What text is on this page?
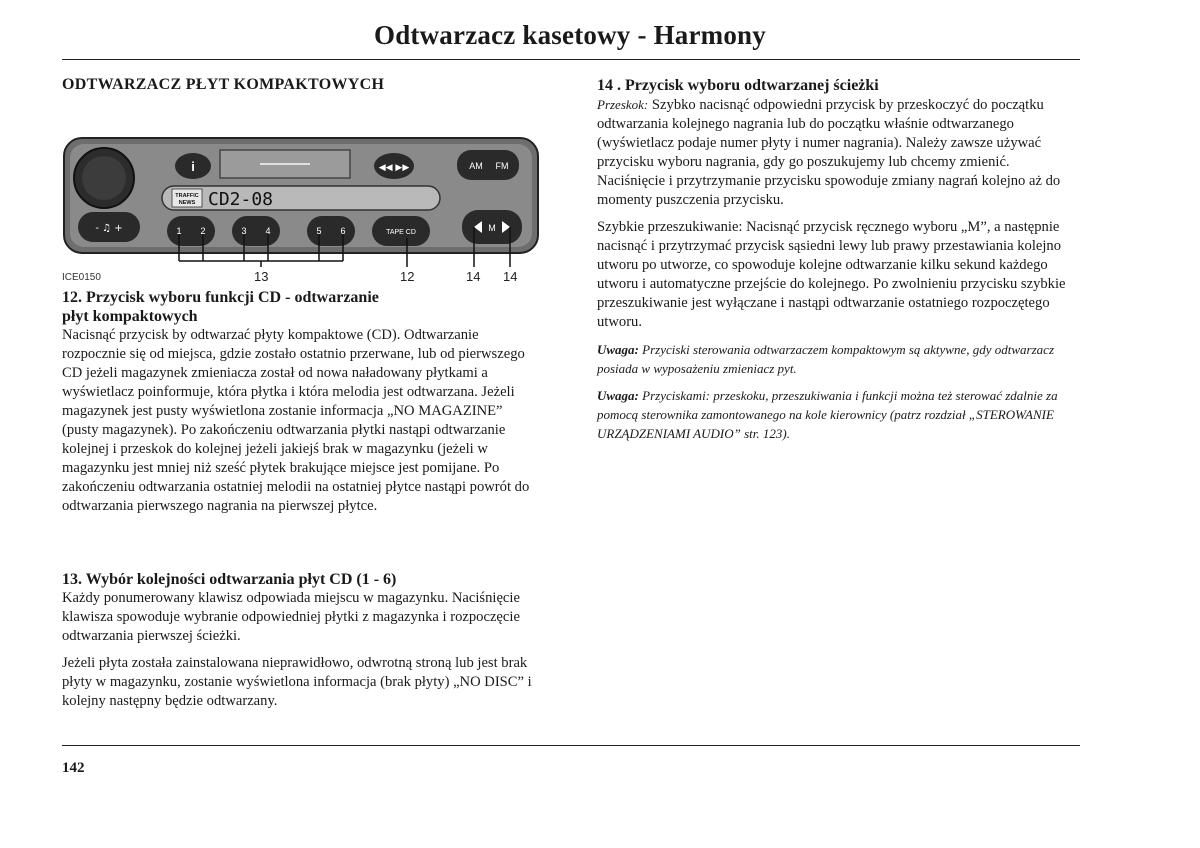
Odtwarzacz kasetowy - Harmony
ODTWARZACZ PŁYT KOMPAKTOWYCH
i	◀◀ ▶▶	AM FM
TRAFFIC
NEWS CD2-08
- ♫ +	1 2	3 4	5 6	TAPE CD	M
13	12	14 14
ICE0150
12. Przycisk wyboru funkcji CD - odtwarzanie
płyt kompaktowych

Nacisnąć przycisk by odtwarzać płyty kompaktowe (CD). Odtwarzanie rozpocznie się od miejsca, gdzie zostało ostatnio przerwane, lub od pierwszego CD jeżeli magazynek zmieniacza został od nowa naładowany płytkami a wyświetlacz poinformuje, która płytka i która melodia jest odtwarzana. Jeżeli magazynek jest pusty wyświetlona zostanie informacja „NO MAGAZINE” (pusty magazynek). Po zakończeniu odtwarzania płytki nastąpi odtwarzanie kolejnej i przeskok do kolejnej jeżeli jakiejś brak w magazynku (jeżeli w magazynku jest mniej niż sześć płytek brakujące miejsce jest pomijane. Po zakończeniu odtwarzania ostatniej melodii na ostatniej płytce nastąpi powrót do odtwarzania pierwszego nagrania na pierwszej płytce.

13. Wybór kolejności odtwarzania płyt CD (1 - 6)

Każdy ponumerowany klawisz odpowiada miejscu w magazynku. Naciśnięcie klawisza spowoduje wybranie odpowiedniej płytki z magazynka i rozpoczęcie odtwarzania pierwszej ścieżki.

Jeżeli płyta została zainstalowana nieprawidłowo, odwrotną stroną lub jest brak płyty w magazynku, zostanie wyświetlona informacja (brak płyty) „NO DISC” i kolejny następny będzie odtwarzany.

14 . Przycisk wyboru odtwarzanej ścieżki

Przeskok: Szybko nacisnąć odpowiedni przycisk by przeskoczyć do początku odtwarzania kolejnego nagrania lub do początku właśnie odtwarzanego (wyświetlacz podaje numer płyty i numer nagrania). Należy zawsze używać przycisku wyboru nagrania, gdy go poszukujemy lub chcemy zmienić. Naciśnięcie i przytrzymanie przycisku spowoduje zmiany nagrań kolejno aż do momenty puszczenia przycisku.

Szybkie przeszukiwanie: Nacisnąć przycisk ręcznego wyboru „M”, a następnie nacisnąć i przytrzymać przycisk sąsiedni lewy lub prawy przestawiania kolejno utworu po utworze, co spowoduje kolejne odtwarzanie kilku sekund każdego utworu i automatyczne przejście do kolejnego. Po zwolnieniu przycisku szybkie przeszukiwanie jest wyłączane i nastąpi odtwarzanie ostatniego rozpoczętego utworu.

Uwaga: Przyciski sterowania odtwarzaczem kompaktowym są aktywne, gdy odtwarzacz posiada w wyposażeniu zmieniacz pyt.

Uwaga: Przyciskami: przeskoku, przeszukiwania i funkcji można też sterować zdalnie za pomocą sterownika zamontowanego na kole kierownicy (patrz rozdział „STEROWANIE URZĄDZENIAMI AUDIO” str. 123).

142
